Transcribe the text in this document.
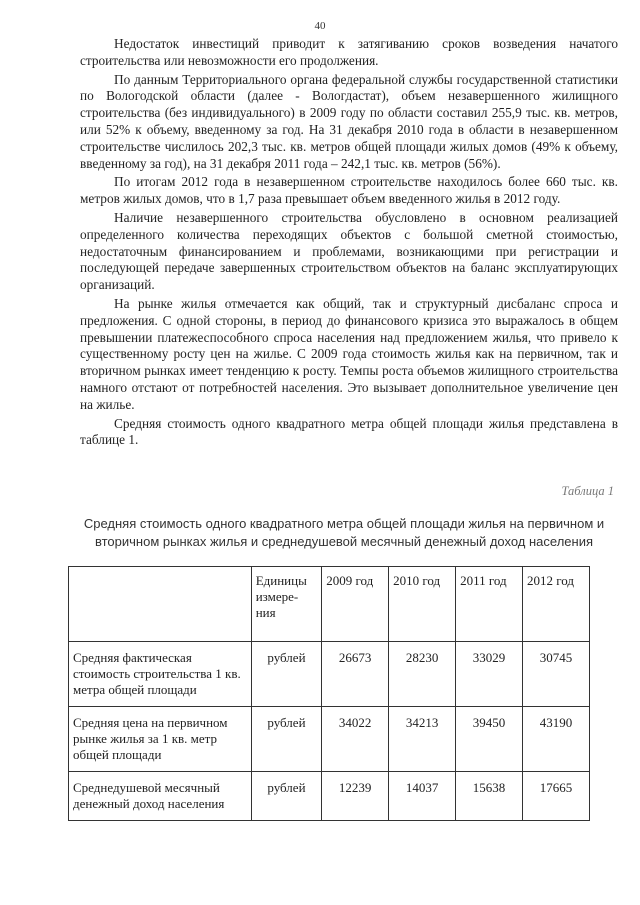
40

Недостаток инвестиций приводит к затягиванию сроков возведения начатого строительства или невозможности его продолжения.

По данным Территориального органа федеральной службы государственной статистики по Вологодской области (далее - Вологдастат), объем незавершенного жилищного строительства (без индивидуального) в 2009 году по области составил 255,9 тыс. кв. метров, или 52% к объему, введенному за год. На 31 декабря 2010 года в области в незавершенном строительстве числилось 202,3 тыс. кв. метров общей площади жилых домов (49% к объему, введенному за год), на 31 декабря 2011 года – 242,1 тыс. кв. метров (56%).

По итогам 2012 года в незавершенном строительстве находилось более 660 тыс. кв. метров жилых домов, что в 1,7 раза превышает объем введенного жилья в 2012 году.

Наличие незавершенного строительства обусловлено в основном реализацией определенного количества переходящих объектов с большой сметной стоимостью, недостаточным финансированием и проблемами, возникающими при регистрации и последующей передаче завершенных строительством объектов на баланс эксплуатирующих организаций.

На рынке жилья отмечается как общий, так и структурный дисбаланс спроса и предложения. С одной стороны, в период до финансового кризиса это выражалось в общем превышении платежеспособного спроса населения над предложением жилья, что привело к существенному росту цен на жилье. С 2009 года стоимость жилья как на первичном, так и вторичном рынках имеет тенденцию к росту. Темпы роста объемов жилищного строительства намного отстают от потребностей населения. Это вызывает дополнительное увеличение цен на жилье.

Средняя стоимость одного квадратного метра общей площади жилья представлена в таблице 1.

Таблица 1
Средняя стоимость одного квадратного метра общей площади жилья на первичном и вторичном рынках жилья и среднедушевой месячный денежный доход населения
	Единицы измере-ния	2009 год	2010 год	2011 год	2012 год
Средняя фактическая стоимость строительства 1 кв. метра общей площади	рублей	26673	28230	33029	30745
Средняя цена на первичном рынке жилья за 1 кв. метр общей площади	рублей	34022	34213	39450	43190
Среднедушевой месячный денежный доход населения	рублей	12239	14037	15638	17665
